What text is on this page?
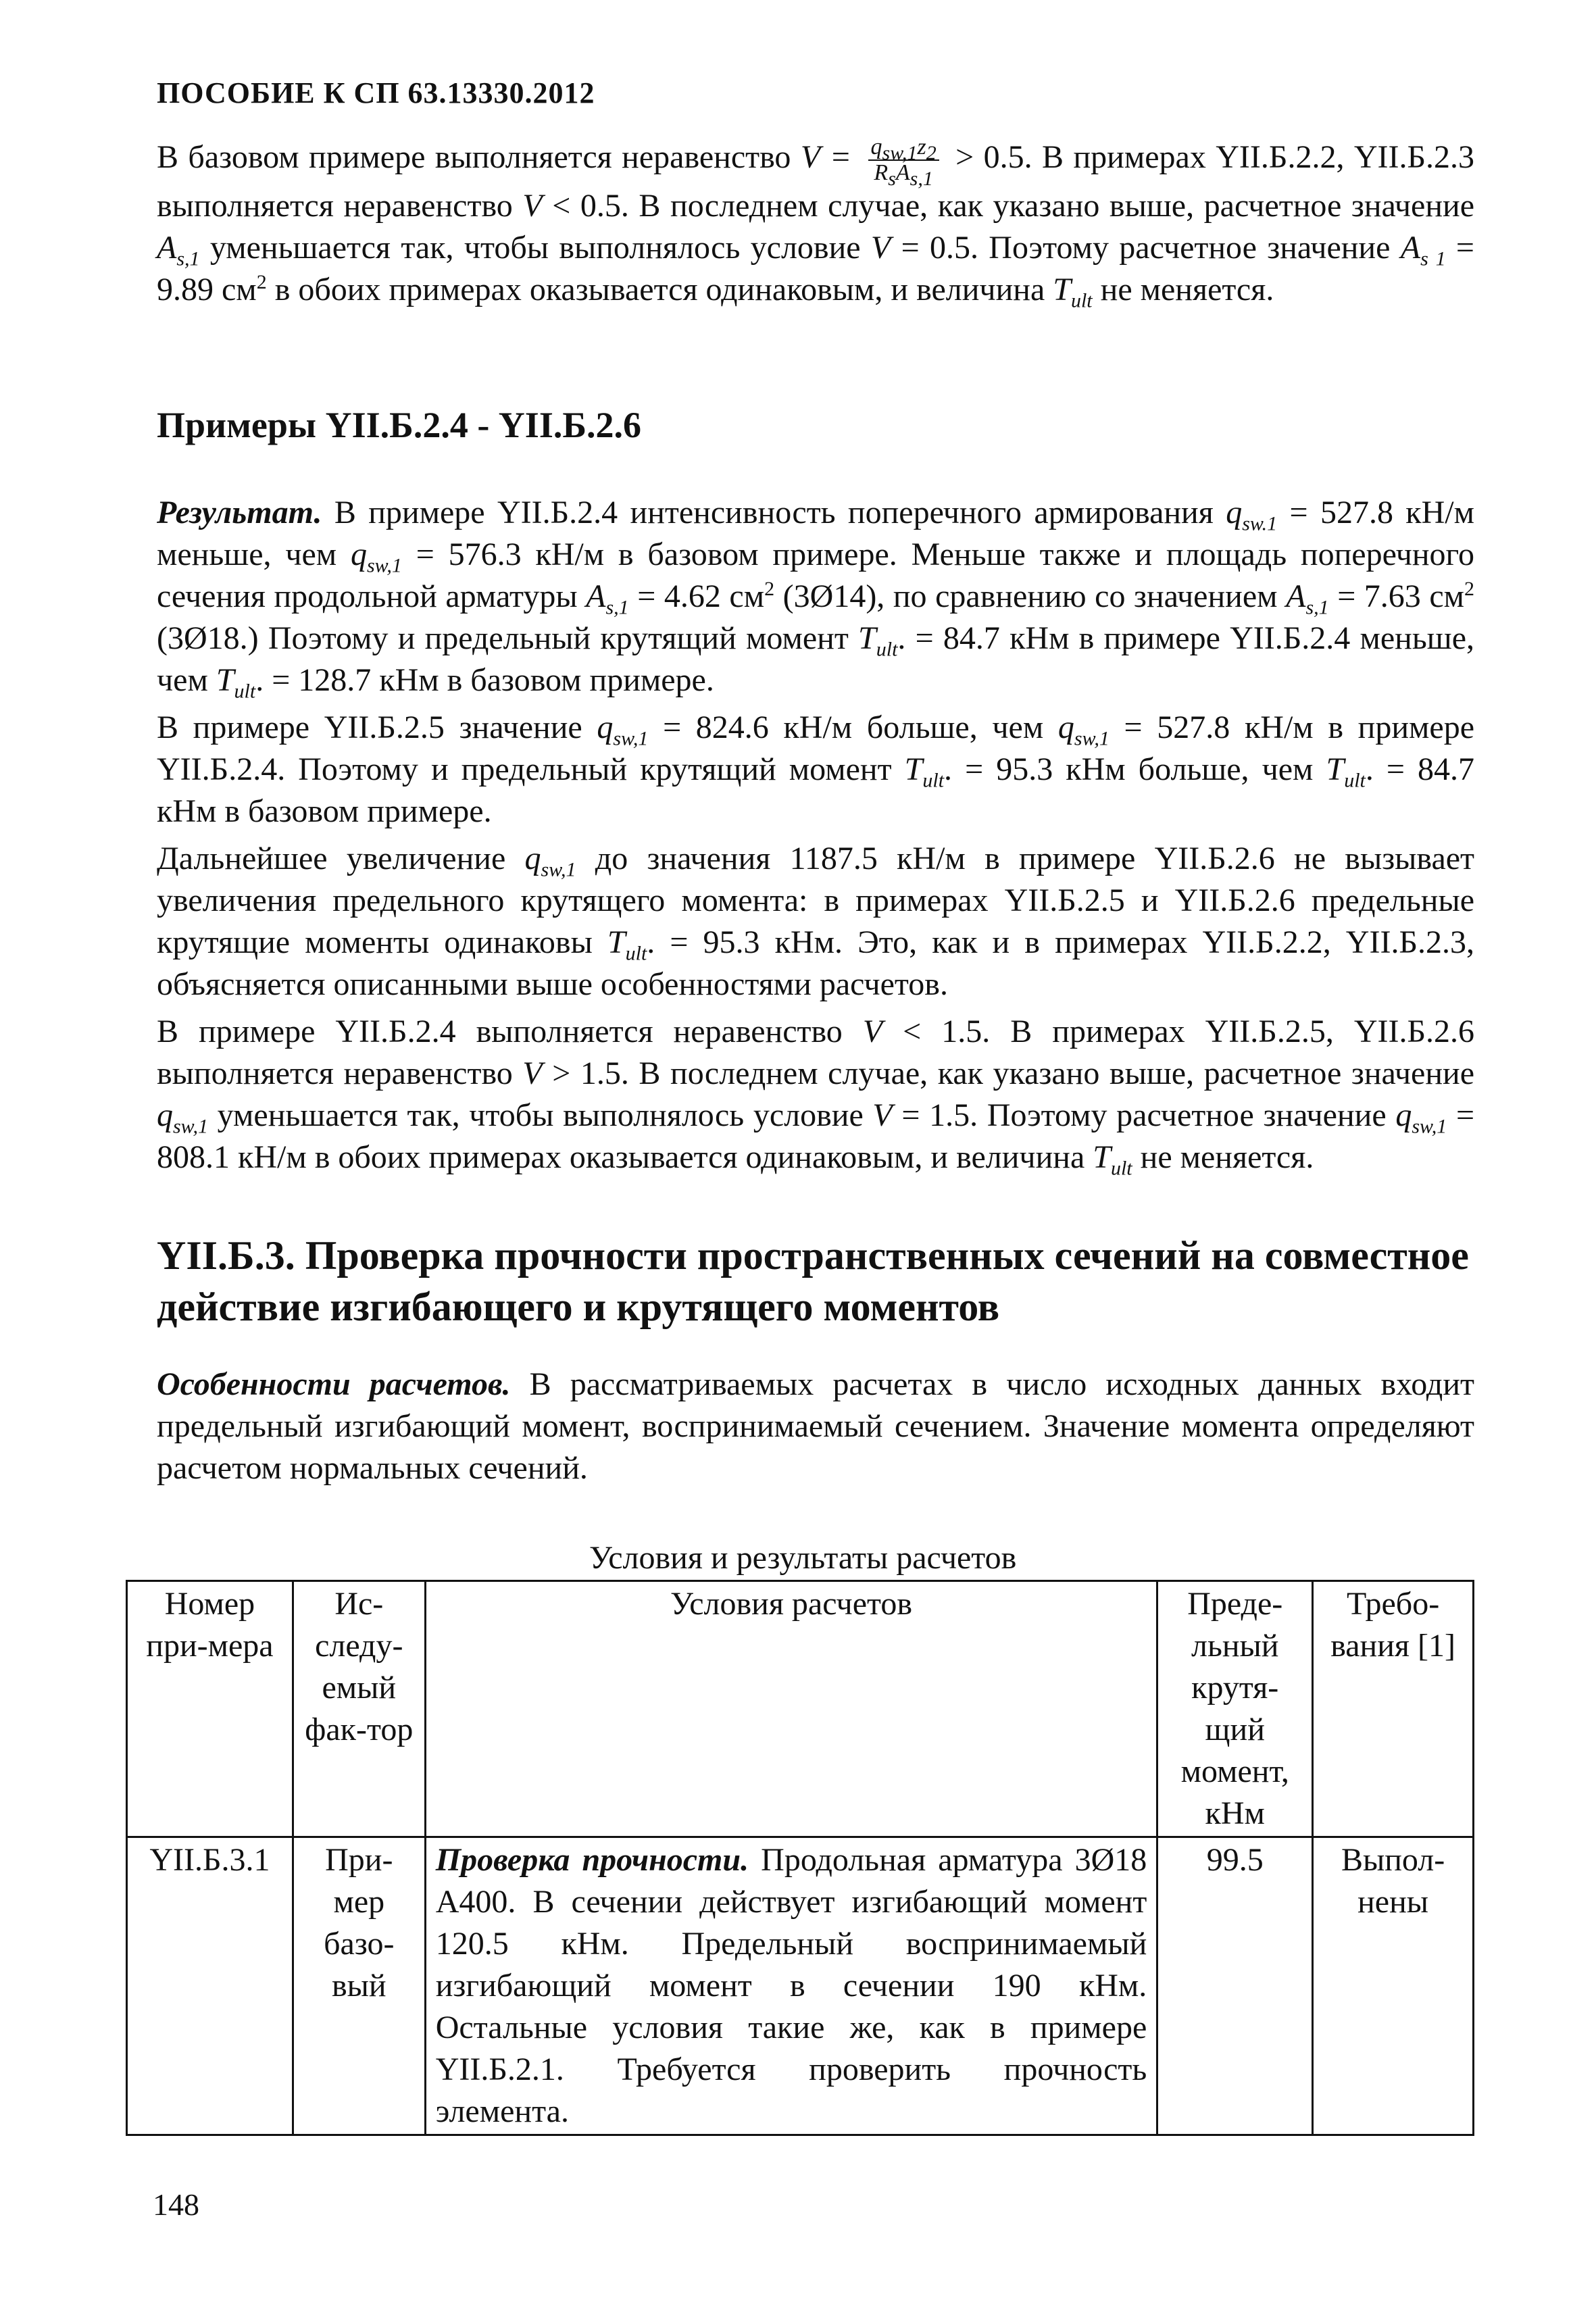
ПОСОБИЕ К СП 63.13330.2012

В базовом примере выполняется неравенство $V = \frac{q_{sw,1}z_2}{R_sA_{s,1}} > 0.5$. В примерах YII.Б.2.2, YII.Б.2.3 выполняется неравенство V < 0.5. В последнем случае, как указано выше, расчетное значение $A_{s,1}$ уменьшается так, чтобы выполнялось условие V = 0.5. Поэтому расчетное значение $A_{s 1} = 9.89$ $см^2$ в обоих примерах оказывается одинаковым, и величина $T_{ult}$ не меняется.

Примеры YII.Б.2.4 - YII.Б.2.6

Результат. В примере YII.Б.2.4 интенсивность поперечного армирования $q_{sw.1} = 527.8$ кН/м меньше, чем $q_{sw,1} = 576.3$ кН/м в базовом примере. Меньше также и площадь поперечного сечения продольной арматуры $A_{s,1} = 4.62$ $см^2$ (3Ø14), по сравнению со значением $A_{s,1} = 7.63$ $см^2$ (3Ø18.) Поэтому и предельный крутящий момент $T_{ult}$. = 84.7 кНм в примере YII.Б.2.4 меньше, чем $T_{ult}$. = 128.7 кНм в базовом примере.

В примере YII.Б.2.5 значение $q_{sw,1} = 824.6$ кН/м больше, чем $q_{sw,1} = 527.8$ кН/м в примере YII.Б.2.4. Поэтому и предельный крутящий момент $T_{ult}$. = 95.3 кНм больше, чем $T_{ult}$. = 84.7 кНм в базовом примере.

Дальнейшее увеличение $q_{sw,1}$ до значения 1187.5 кН/м в примере YII.Б.2.6 не вызывает увеличения предельного крутящего момента: в примерах YII.Б.2.5 и YII.Б.2.6 предельные крутящие моменты одинаковы $T_{ult}$. = 95.3 кНм. Это, как и в примерах YII.Б.2.2, YII.Б.2.3, объясняется описанными выше особенностями расчетов.

В примере YII.Б.2.4 выполняется неравенство V < 1.5. В примерах YII.Б.2.5, YII.Б.2.6 выполняется неравенство V > 1.5. В последнем случае, как указано выше, расчетное значение $q_{sw,1}$ уменьшается так, чтобы выполнялось условие V = 1.5. Поэтому расчетное значение $q_{sw,1} = 808.1$ кН/м в обоих примерах оказывается одинаковым, и величина $T_{ult}$ не меняется.

YII.Б.3. Проверка прочности пространственных сечений на совместное действие изгибающего и крутящего моментов

Особенности расчетов. В рассматриваемых расчетах в число исходных данных входит предельный изгибающий момент, воспринимаемый сечением. Значение момента определяют расчетом нормальных сечений.

Условия и результаты расчетов
Номер при-мера	Ис-следу-емый фак-тор	Условия расчетов	Преде-льный крутя-щий момент, кНм	Требо-вания [1]
YII.Б.3.1	При-мер базо-вый	Проверка прочности. Продольная арматура 3Ø18 А400. В сечении действует изгибающий момент 120.5 кНм. Предельный воспринимаемый изгибающий момент в сечении 190 кНм. Остальные условия такие же, как в примере YII.Б.2.1. Требуется проверить прочность элемента.	99.5	Выпол-нены
148
